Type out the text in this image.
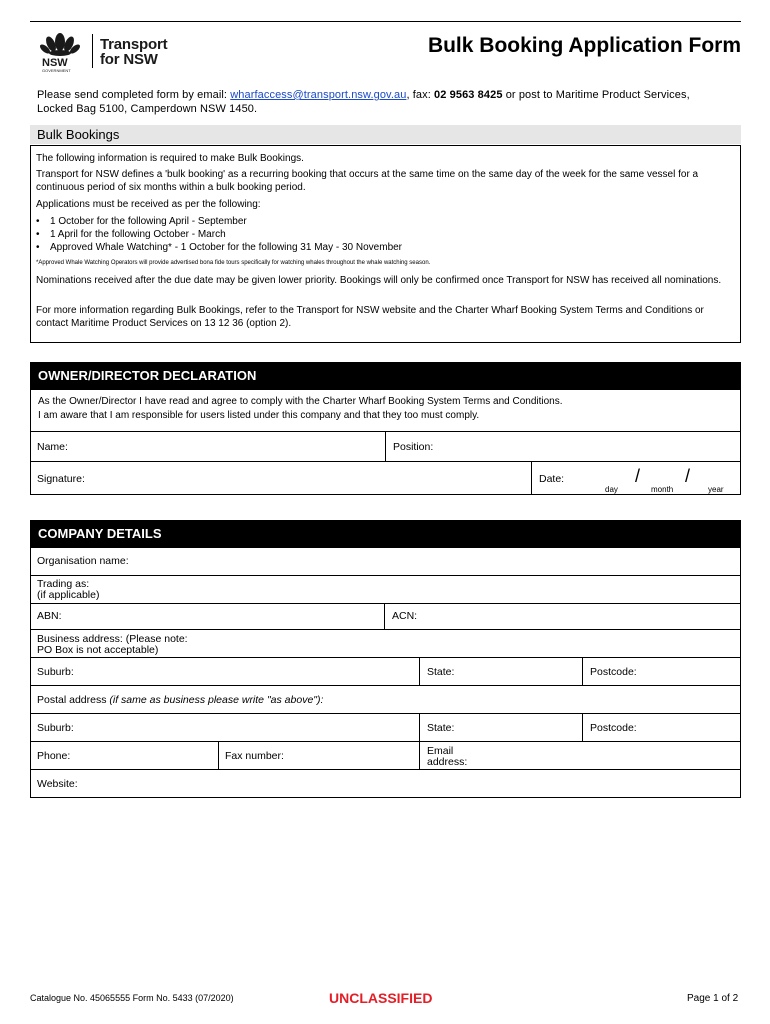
NSW
GOVERNMENT
Transport
for NSW
Bulk Booking Application Form
Please send completed form by email: wharfaccess@transport.nsw.gov.au, fax: 02 9563 8425 or post to Maritime Product Services,
Locked Bag 5100, Camperdown NSW 1450.
Bulk Bookings
The following information is required to make Bulk Bookings.
Transport for NSW defines a 'bulk booking' as a recurring booking that occurs at the same time on the same day of the week for the same vessel for a continuous period of six months within a bulk booking period.
Applications must be received as per the following:
• 1 October for the following April - September
• 1 April for the following October - March
• Approved Whale Watching* - 1 October for the following 31 May - 30 November
*Approved Whale Watching Operators will provide advertised bona fide tours specifically for watching whales throughout the whale watching season.
Nominations received after the due date may be given lower priority. Bookings will only be confirmed once Transport for NSW has received all nominations.
For more information regarding Bulk Bookings, refer to the Transport for NSW website and the Charter Wharf Booking System Terms and Conditions or contact Maritime Product Services on 13 12 36 (option 2).
OWNER/DIRECTOR DECLARATION
As the Owner/Director I have read and agree to comply with the Charter Wharf Booking System Terms and Conditions.
I am aware that I am responsible for users listed under this company and that they too must comply.
Name:	Position:
Signature:	Date:	/ /
day	month	year
COMPANY DETAILS
Organisation name:
Trading as:
(if applicable)
ABN:	ACN:
Business address: (Please note:
PO Box is not acceptable)
Suburb:	State:	Postcode:
Postal address (if same as business please write "as above"):
Suburb:	State:	Postcode:
Phone:	Fax number:	Email
address:
Website:
Catalogue No. 45065555 Form No. 5433 (07/2020)	UNCLASSIFIED	Page 1 of 2
